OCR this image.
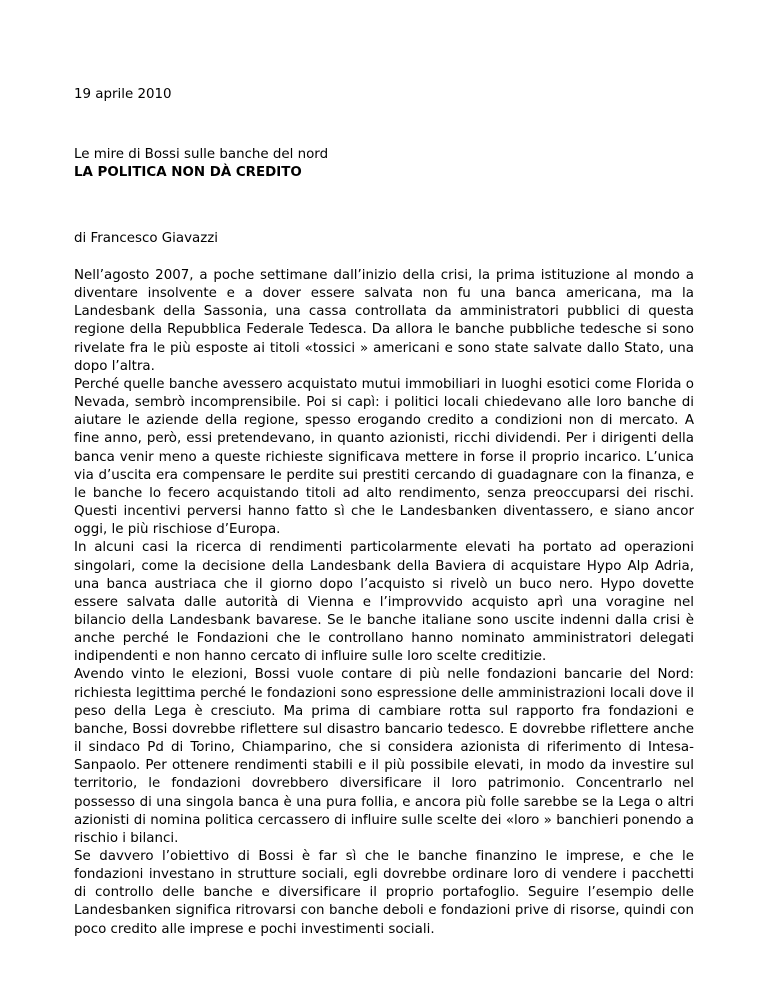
19 aprile 2010
Le mire di Bossi sulle banche del nord
LA POLITICA NON DÀ CREDITO
di Francesco Giavazzi

Nell’agosto 2007, a poche settimane dall’inizio della crisi, la prima istituzione al mondo a diventare insolvente e a dover essere salvata non fu una banca americana, ma la Landesbank della Sassonia, una cassa controllata da amministratori pubblici di questa regione della Repubblica Federale Tedesca. Da allora le banche pubbliche tedesche si sono rivelate fra le più esposte ai titoli «tossici » americani e sono state salvate dallo Stato, una dopo l’altra.

Perché quelle banche avessero acquistato mutui immobiliari in luoghi esotici come Florida o Nevada, sembrò incomprensibile. Poi si capì: i politici locali chiedevano alle loro banche di aiutare le aziende della regione, spesso erogando credito a condizioni non di mercato. A fine anno, però, essi pretendevano, in quanto azionisti, ricchi dividendi. Per i dirigenti della banca venir meno a queste richieste significava mettere in forse il proprio incarico. L’unica via d’uscita era compensare le perdite sui prestiti cercando di guadagnare con la finanza, e le banche lo fecero acquistando titoli ad alto rendimento, senza preoccuparsi dei rischi. Questi incentivi perversi hanno fatto sì che le Landesbanken diventassero, e siano ancor oggi, le più rischiose d’Europa.

In alcuni casi la ricerca di rendimenti particolarmente elevati ha portato ad operazioni singolari, come la decisione della Landesbank della Baviera di acquistare Hypo Alp Adria, una banca austriaca che il giorno dopo l’acquisto si rivelò un buco nero. Hypo dovette essere salvata dalle autorità di Vienna e l’improvvido acquisto aprì una voragine nel bilancio della Landesbank bavarese. Se le banche italiane sono uscite indenni dalla crisi è anche perché le Fondazioni che le controllano hanno nominato amministratori delegati indipendenti e non hanno cercato di influire sulle loro scelte creditizie.

Avendo vinto le elezioni, Bossi vuole contare di più nelle fondazioni bancarie del Nord: richiesta legittima perché le fondazioni sono espressione delle amministrazioni locali dove il peso della Lega è cresciuto. Ma prima di cambiare rotta sul rapporto fra fondazioni e banche, Bossi dovrebbe riflettere sul disastro bancario tedesco. E dovrebbe riflettere anche il sindaco Pd di Torino, Chiamparino, che si considera azionista di riferimento di Intesa-Sanpaolo. Per ottenere rendimenti stabili e il più possibile elevati, in modo da investire sul territorio, le fondazioni dovrebbero diversificare il loro patrimonio. Concentrarlo nel possesso di una singola banca è una pura follia, e ancora più folle sarebbe se la Lega o altri azionisti di nomina politica cercassero di influire sulle scelte dei «loro » banchieri ponendo a rischio i bilanci.

Se davvero l’obiettivo di Bossi è far sì che le banche finanzino le imprese, e che le fondazioni investano in strutture sociali, egli dovrebbe ordinare loro di vendere i pacchetti di controllo delle banche e diversificare il proprio portafoglio. Seguire l’esempio delle Landesbanken significa ritrovarsi con banche deboli e fondazioni prive di risorse, quindi con poco credito alle imprese e pochi investimenti sociali.
